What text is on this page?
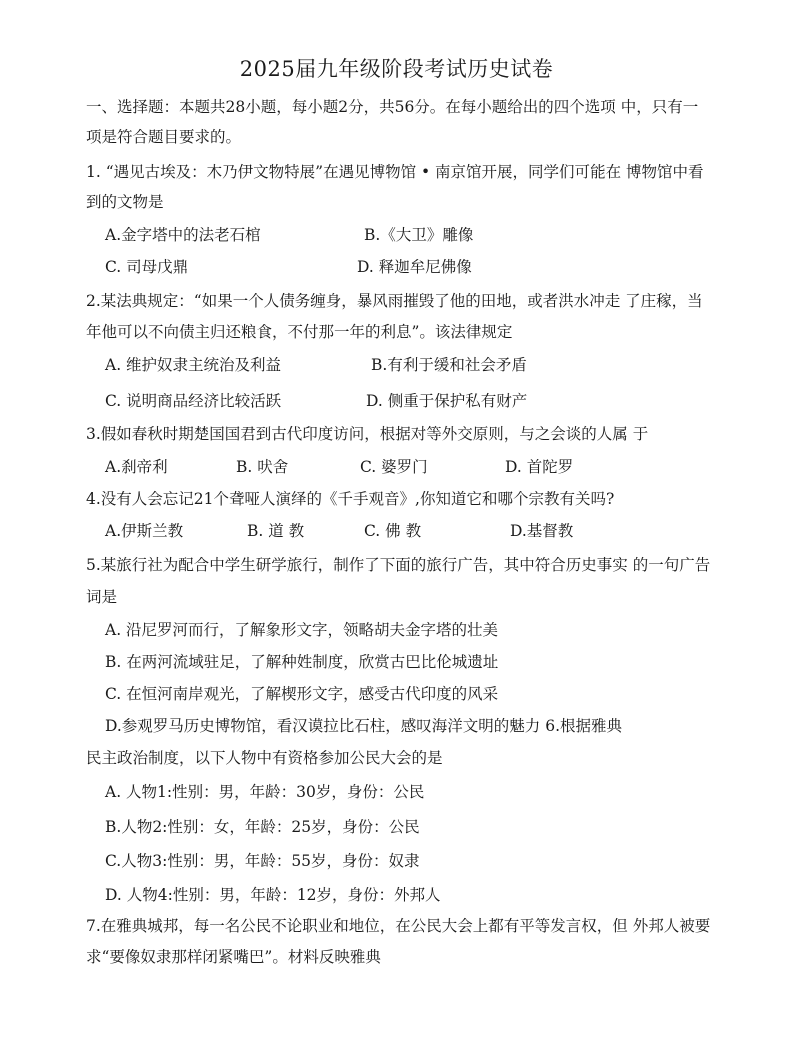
2025届九年级阶段考试历史试卷
一、选择题：本题共28小题，每小题2分，共56分。在每小题给出的四个选项 中，只有一
项是符合题目要求的。
1. “遇见古埃及：木乃伊文物特展”在遇见博物馆 • 南京馆开展，同学们可能在 博物馆中看
到的文物是
A.金字塔中的法老石棺	B.《大卫》雕像
C. 司母戊鼎	D. 释迦牟尼佛像
2.某法典规定：“如果一个人债务缠身，暴风雨摧毁了他的田地，或者洪水冲走 了庄稼，当
年他可以不向债主归还粮食，不付那一年的利息”。该法律规定
A. 维护奴隶主统治及利益	B.有利于缓和社会矛盾
C. 说明商品经济比较活跃	D. 侧重于保护私有财产
3.假如春秋时期楚国国君到古代印度访问，根据对等外交原则，与之会谈的人属 于
A.刹帝利	B. 吠舍	C. 婆罗门	D. 首陀罗
4.没有人会忘记21个聋哑人演绎的《千手观音》,你知道它和哪个宗教有关吗?
A.伊斯兰教	B. 道 教	C. 佛 教	D.基督教
5.某旅行社为配合中学生研学旅行，制作了下面的旅行广告，其中符合历史事实 的一句广告
词是
A. 沿尼罗河而行，了解象形文字，领略胡夫金字塔的壮美
B. 在两河流域驻足，了解种姓制度，欣赏古巴比伦城遗址
C. 在恒河南岸观光，了解楔形文字，感受古代印度的风采
D.参观罗马历史博物馆，看汉谟拉比石柱，感叹海洋文明的魅力 6.根据雅典
民主政治制度，以下人物中有资格参加公民大会的是
A. 人物1:性别：男，年龄：30岁，身份：公民
B.人物2:性别：女，年龄：25岁，身份：公民
C.人物3:性别：男，年龄：55岁，身份：奴隶
D. 人物4:性别：男，年龄：12岁，身份：外邦人
7.在雅典城邦，每一名公民不论职业和地位，在公民大会上都有平等发言权，但 外邦人被要
求“要像奴隶那样闭紧嘴巴”。材料反映雅典
